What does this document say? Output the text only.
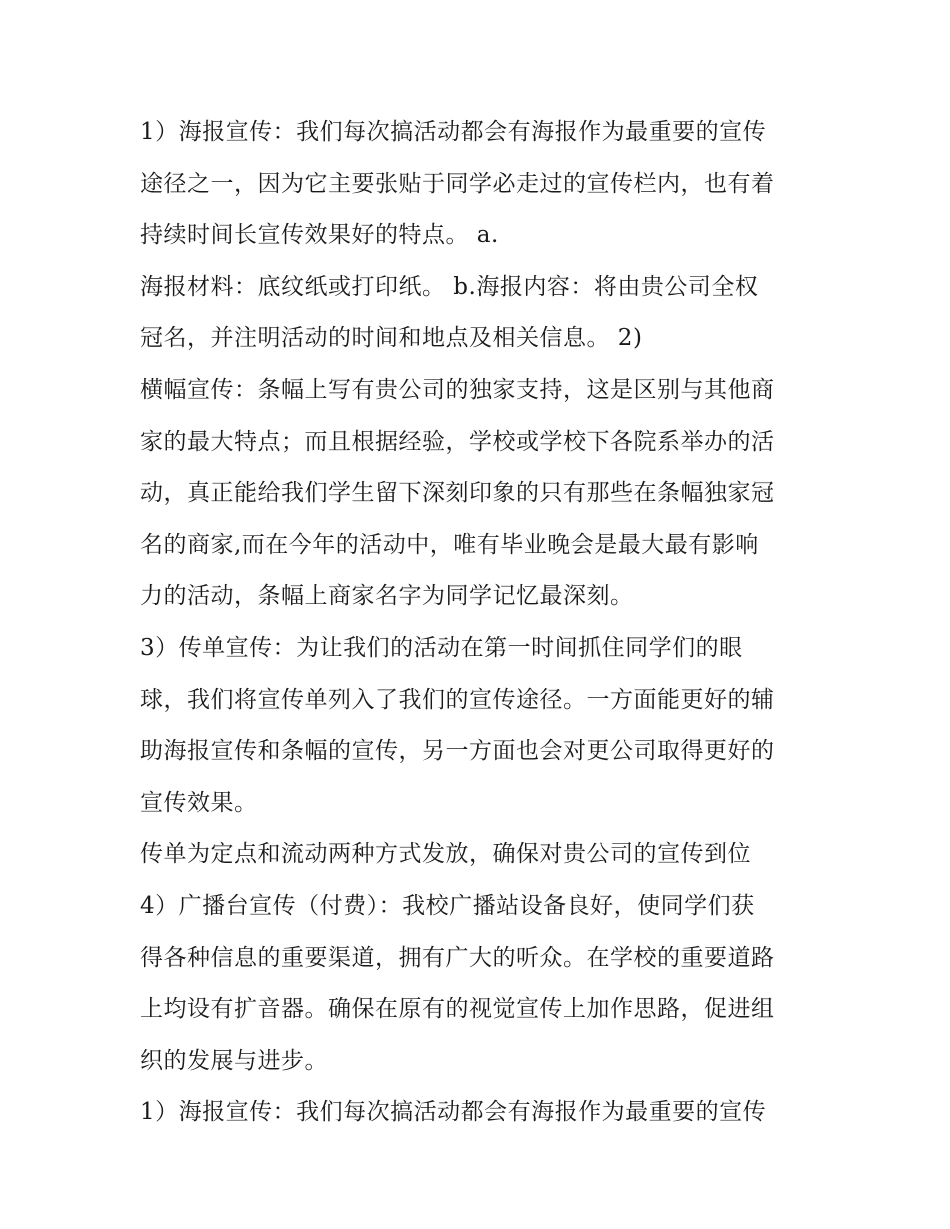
1）海报宣传：我们每次搞活动都会有海报作为最重要的宣传
途径之一，因为它主要张贴于同学必走过的宣传栏内，也有着
持续时间长宣传效果好的特点。 a.
海报材料：底纹纸或打印纸。 b.海报内容：将由贵公司全权
冠名，并注明活动的时间和地点及相关信息。 2)
横幅宣传：条幅上写有贵公司的独家支持，这是区别与其他商
家的最大特点；而且根据经验，学校或学校下各院系举办的活
动，真正能给我们学生留下深刻印象的只有那些在条幅独家冠
名的商家,而在今年的活动中，唯有毕业晚会是最大最有影响
力的活动，条幅上商家名字为同学记忆最深刻。
3）传单宣传：为让我们的活动在第一时间抓住同学们的眼
球，我们将宣传单列入了我们的宣传途径。一方面能更好的辅
助海报宣传和条幅的宣传，另一方面也会对更公司取得更好的
宣传效果。
传单为定点和流动两种方式发放，确保对贵公司的宣传到位
4）广播台宣传（付费）：我校广播站设备良好，使同学们获
得各种信息的重要渠道，拥有广大的听众。在学校的重要道路
上均设有扩音器。确保在原有的视觉宣传上加作思路，促进组
织的发展与进步。
1）海报宣传：我们每次搞活动都会有海报作为最重要的宣传
